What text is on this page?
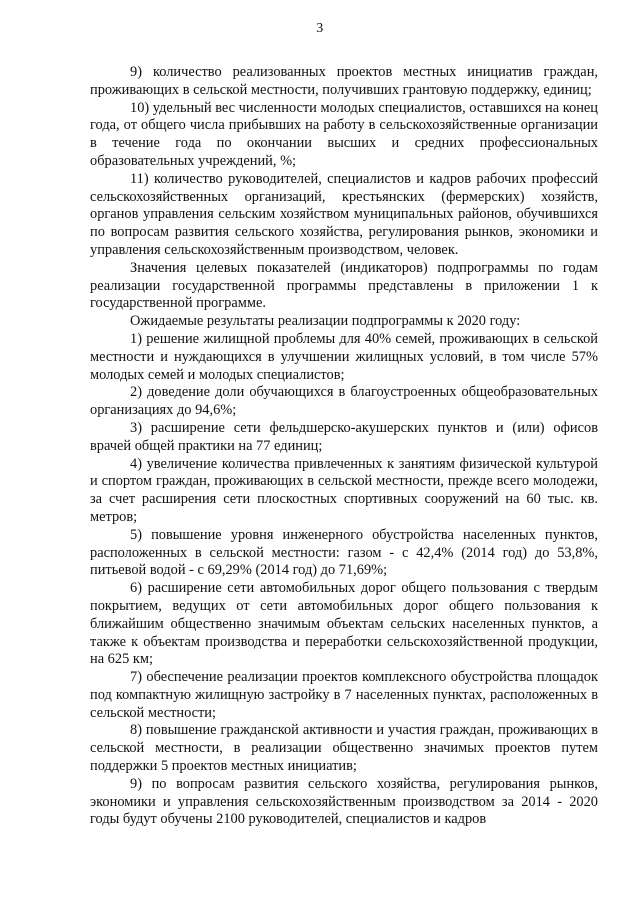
3

9) количество реализованных проектов местных инициатив граждан, проживающих в сельской местности, получивших грантовую поддержку, единиц;

10) удельный вес численности молодых специалистов, оставшихся на конец года, от общего числа прибывших на работу в сельскохозяйственные организации в течение года по окончании высших и средних профессиональных образовательных учреждений, %;

11) количество руководителей, специалистов и кадров рабочих профессий сельскохозяйственных организаций, крестьянских (фермерских) хозяйств, органов управления сельским хозяйством муниципальных районов, обучившихся по вопросам развития сельского хозяйства, регулирования рынков, экономики и управления сельскохозяйственным производством, человек.

Значения целевых показателей (индикаторов) подпрограммы по годам реализации государственной программы представлены в приложении 1 к государственной программе.

Ожидаемые результаты реализации подпрограммы к 2020 году:

1) решение жилищной проблемы для 40% семей, проживающих в сельской местности и нуждающихся в улучшении жилищных условий, в том числе 57% молодых семей и молодых специалистов;

2) доведение доли обучающихся в благоустроенных общеобразовательных организациях до 94,6%;

3) расширение сети фельдшерско-акушерских пунктов и (или) офисов врачей общей практики на 77 единиц;

4) увеличение количества привлеченных к занятиям физической культурой и спортом граждан, проживающих в сельской местности, прежде всего молодежи, за счет расширения сети плоскостных спортивных сооружений на 60 тыс. кв. метров;

5) повышение уровня инженерного обустройства населенных пунктов, расположенных в сельской местности: газом - с 42,4% (2014 год) до 53,8%, питьевой водой - с 69,29% (2014 год) до 71,69%;

6) расширение сети автомобильных дорог общего пользования с твердым покрытием, ведущих от сети автомобильных дорог общего пользования к ближайшим общественно значимым объектам сельских населенных пунктов, а также к объектам производства и переработки сельскохозяйственной продукции, на 625 км;

7) обеспечение реализации проектов комплексного обустройства площадок под компактную жилищную застройку в 7 населенных пунктах, расположенных в сельской местности;

8) повышение гражданской активности и участия граждан, проживающих в сельской местности, в реализации общественно значимых проектов путем поддержки 5 проектов местных инициатив;

9) по вопросам развития сельского хозяйства, регулирования рынков, экономики и управления сельскохозяйственным производством за 2014 - 2020 годы будут обучены 2100 руководителей, специалистов и кадров
